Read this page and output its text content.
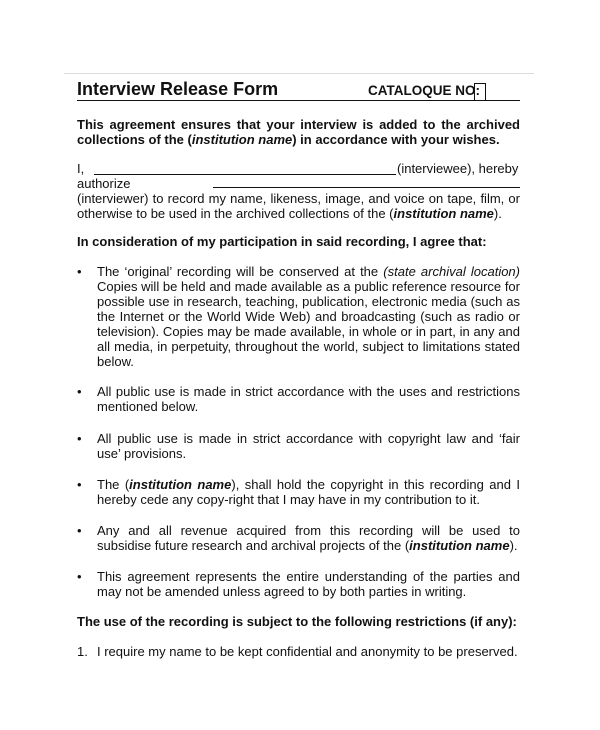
Interview Release Form	CATALOQUE NO:
This agreement ensures that your interview is added to the archived collections of the (institution name) in accordance with your wishes.
I,	(interviewee), hereby
authorize
(interviewer) to record my name, likeness, image, and voice on tape, film, or otherwise to be used in the archived collections of the (institution name).
In consideration of my participation in said recording, I agree that:
• The ‘original’ recording will be conserved at the (state archival location) Copies will be held and made available as a public reference resource for possible use in research, teaching, publication, electronic media (such as the Internet or the World Wide Web) and broadcasting (such as radio or television). Copies may be made available, in whole or in part, in any and all media, in perpetuity, throughout the world, subject to limitations stated below.
• All public use is made in strict accordance with the uses and restrictions mentioned below.
• All public use is made in strict accordance with copyright law and ‘fair use’ provisions.
• The (institution name), shall hold the copyright in this recording and I hereby cede any copy-right that I may have in my contribution to it.
• Any and all revenue acquired from this recording will be used to subsidise future research and archival projects of the (institution name).
• This agreement represents the entire understanding of the parties and may not be amended unless agreed to by both parties in writing.
The use of the recording is subject to the following restrictions (if any):
1. I require my name to be kept confidential and anonymity to be preserved.
